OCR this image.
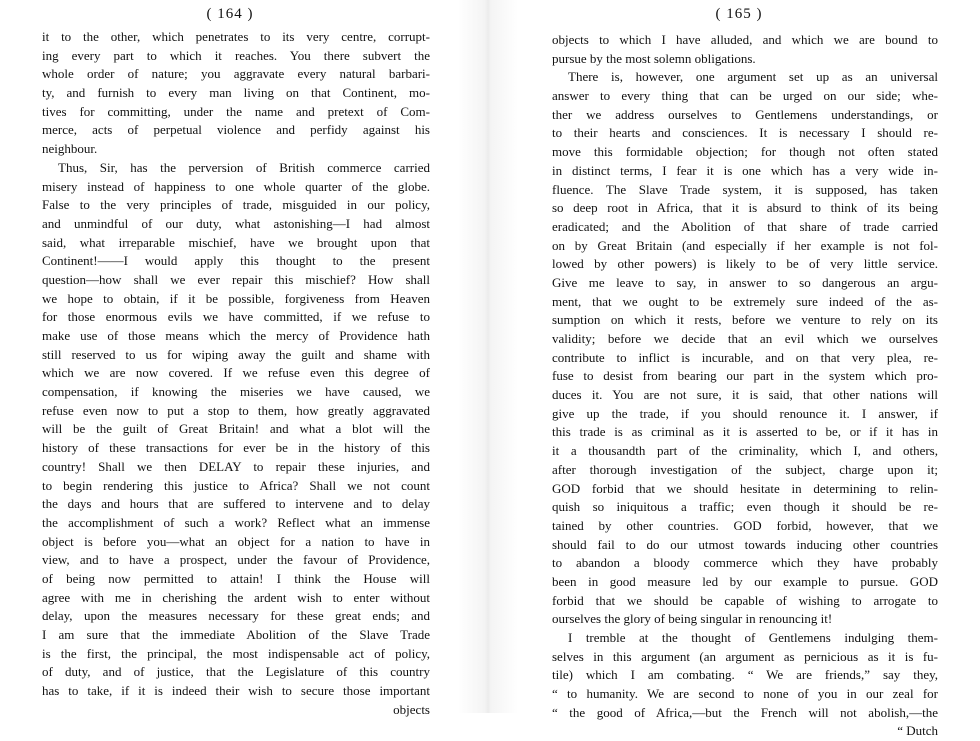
( 164 )
it to the other, which penetrates to its very centre, corrupt-
ing every part to which it reaches. You there subvert the
whole order of nature; you aggravate every natural barbari-
ty, and furnish to every man living on that Continent, mo-
tives for committing, under the name and pretext of Com-
merce, acts of perpetual violence and perfidy against his
neighbour.
Thus, Sir, has the perversion of British commerce carried
misery instead of happiness to one whole quarter of the globe.
False to the very principles of trade, misguided in our policy,
and unmindful of our duty, what astonishing—I had almost
said, what irreparable mischief, have we brought upon that
Continent!——I would apply this thought to the present
question—how shall we ever repair this mischief? How shall
we hope to obtain, if it be possible, forgiveness from Heaven
for those enormous evils we have committed, if we refuse to
make use of those means which the mercy of Providence hath
still reserved to us for wiping away the guilt and shame with
which we are now covered. If we refuse even this degree of
compensation, if knowing the miseries we have caused, we
refuse even now to put a stop to them, how greatly aggravated
will be the guilt of Great Britain! and what a blot will the
history of these transactions for ever be in the history of this
country! Shall we then DELAY to repair these injuries, and
to begin rendering this justice to Africa? Shall we not count
the days and hours that are suffered to intervene and to delay
the accomplishment of such a work? Reflect what an immense
object is before you—what an object for a nation to have in
view, and to have a prospect, under the favour of Providence,
of being now permitted to attain! I think the House will
agree with me in cherishing the ardent wish to enter without
delay, upon the measures necessary for these great ends; and
I am sure that the immediate Abolition of the Slave Trade
is the first, the principal, the most indispensable act of policy,
of duty, and of justice, that the Legislature of this country
has to take, if it is indeed their wish to secure those important
objects
( 165 )
objects to which I have alluded, and which we are bound to
pursue by the most solemn obligations.
There is, however, one argument set up as an universal
answer to every thing that can be urged on our side; whe-
ther we address ourselves to Gentlemens understandings, or
to their hearts and consciences. It is necessary I should re-
move this formidable objection; for though not often stated
in distinct terms, I fear it is one which has a very wide in-
fluence. The Slave Trade system, it is supposed, has taken
so deep root in Africa, that it is absurd to think of its being
eradicated; and the Abolition of that share of trade carried
on by Great Britain (and especially if her example is not fol-
lowed by other powers) is likely to be of very little service.
Give me leave to say, in answer to so dangerous an argu-
ment, that we ought to be extremely sure indeed of the as-
sumption on which it rests, before we venture to rely on its
validity; before we decide that an evil which we ourselves
contribute to inflict is incurable, and on that very plea, re-
fuse to desist from bearing our part in the system which pro-
duces it. You are not sure, it is said, that other nations will
give up the trade, if you should renounce it. I answer, if
this trade is as criminal as it is asserted to be, or if it has in
it a thousandth part of the criminality, which I, and others,
after thorough investigation of the subject, charge upon it;
GOD forbid that we should hesitate in determining to relin-
quish so iniquitous a traffic; even though it should be re-
tained by other countries. GOD forbid, however, that we
should fail to do our utmost towards inducing other countries
to abandon a bloody commerce which they have probably
been in good measure led by our example to pursue. GOD
forbid that we should be capable of wishing to arrogate to
ourselves the glory of being singular in renouncing it!
I tremble at the thought of Gentlemens indulging them-
selves in this argument (an argument as pernicious as it is fu-
tile) which I am combating. “ We are friends,” say they,
“ to humanity. We are second to none of you in our zeal for
“ the good of Africa,—but the French will not abolish,—the
“ Dutch
